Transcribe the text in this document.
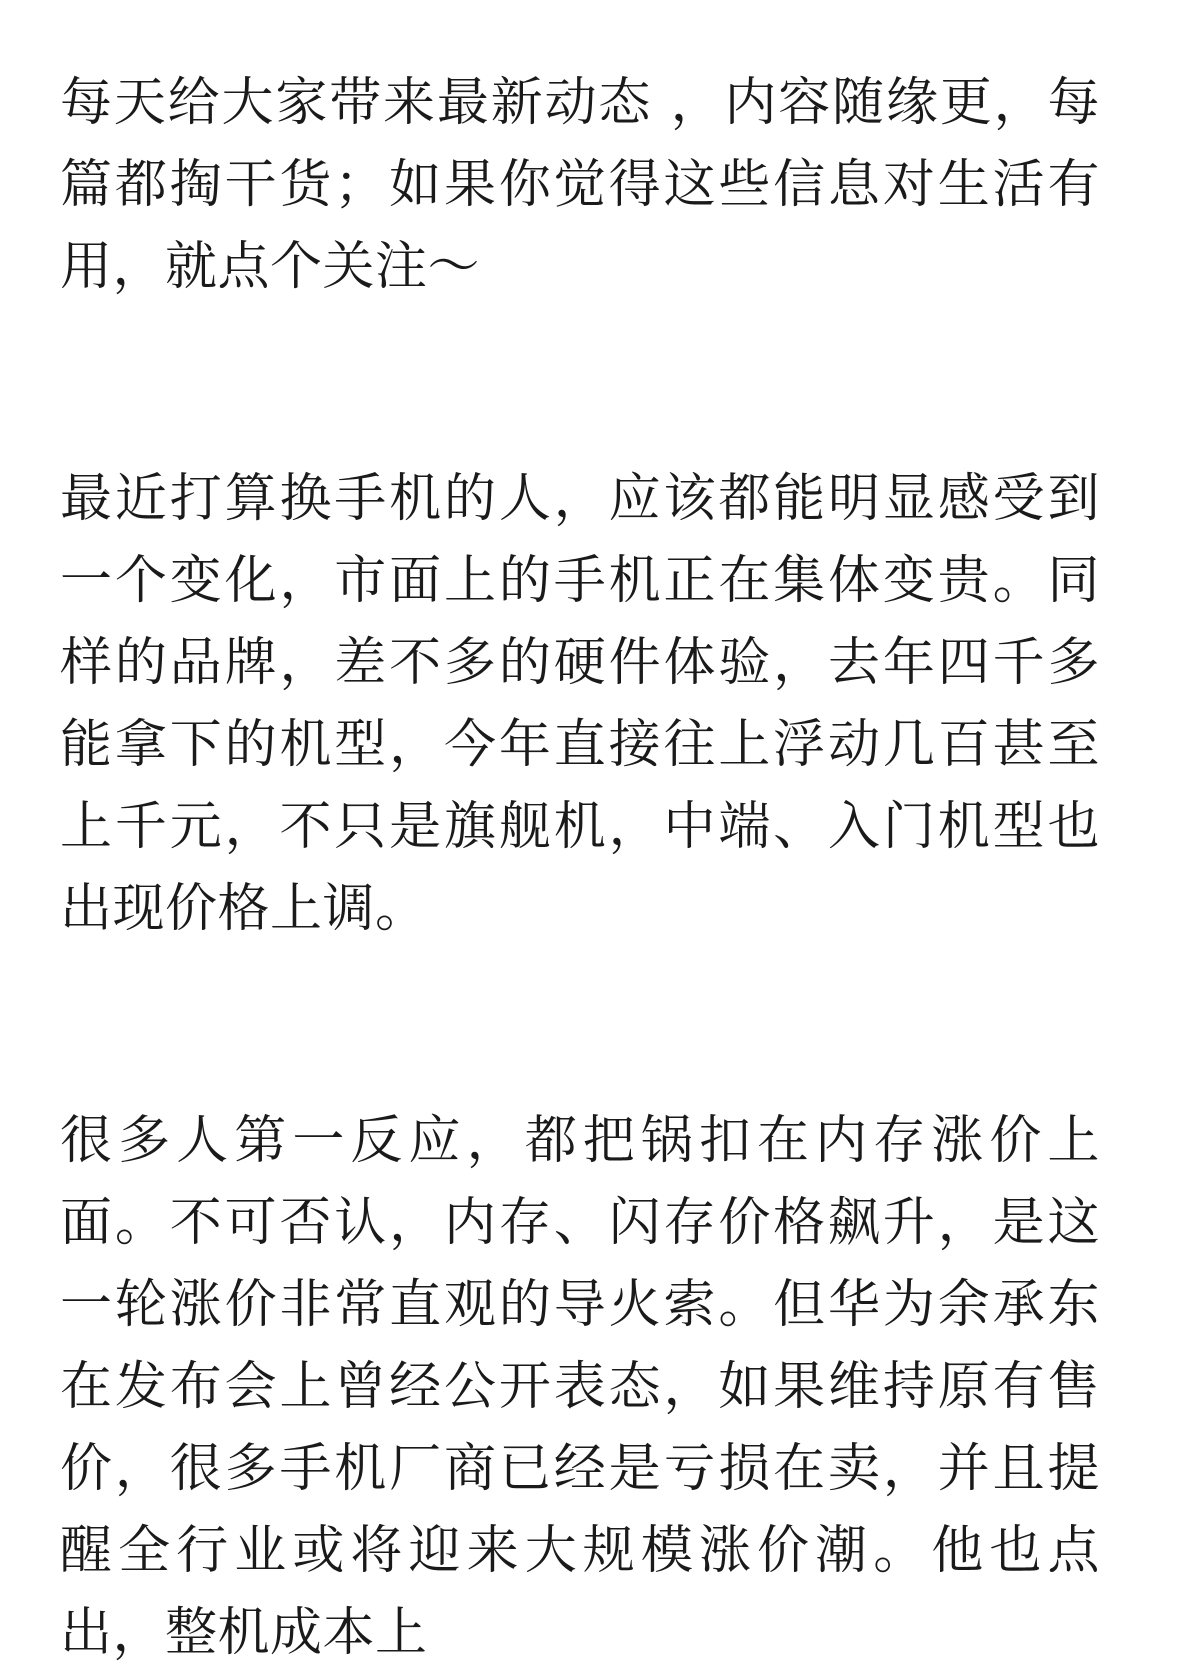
每天给大家带来最新动态 ，内容随缘更，每篇都掏干货；如果你觉得这些信息对生活有用，就点个关注～

最近打算换手机的人，应该都能明显感受到一个变化，市面上的手机正在集体变贵。同样的品牌，差不多的硬件体验，去年四千多能拿下的机型，今年直接往上浮动几百甚至上千元，不只是旗舰机，中端、入门机型也出现价格上调。

很多人第一反应，都把锅扣在内存涨价上面。不可否认，内存、闪存价格飙升，是这一轮涨价非常直观的导火索。但华为余承东在发布会上曾经公开表态，如果维持原有售价，很多手机厂商已经是亏损在卖，并且提醒全行业或将迎来大规模涨价潮。他也点出，整机成本上
